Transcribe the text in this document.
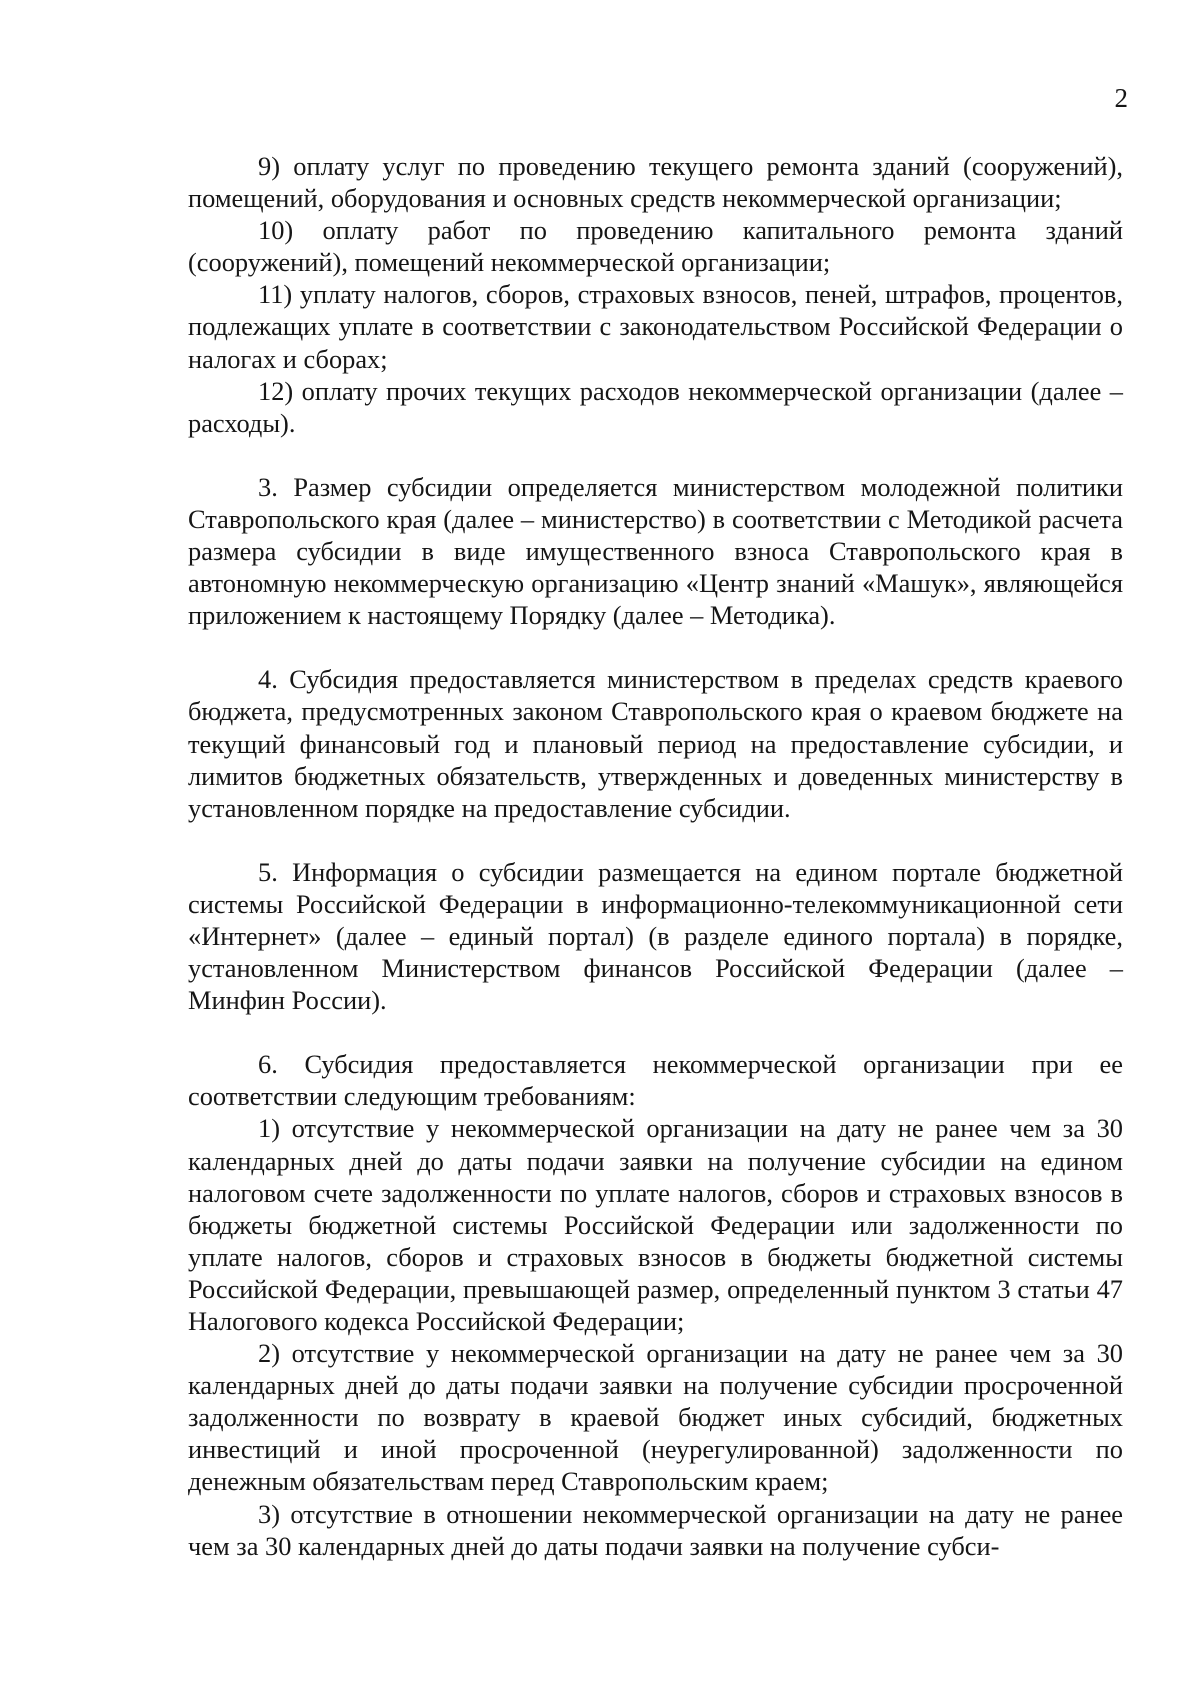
2

9) оплату услуг по проведению текущего ремонта зданий (сооружений), помещений, оборудования и основных средств некоммерческой организации;

10) оплату работ по проведению капитального ремонта зданий (сооружений), помещений некоммерческой организации;

11) уплату налогов, сборов, страховых взносов, пеней, штрафов, процентов, подлежащих уплате в соответствии с законодательством Российской Федерации о налогах и сборах;

12) оплату прочих текущих расходов некоммерческой организации (далее – расходы).

3. Размер субсидии определяется министерством молодежной политики Ставропольского края (далее – министерство) в соответствии с Методикой расчета размера субсидии в виде имущественного взноса Ставропольского края в автономную некоммерческую организацию «Центр знаний «Машук», являющейся приложением к настоящему Порядку (далее – Методика).

4. Субсидия предоставляется министерством в пределах средств краевого бюджета, предусмотренных законом Ставропольского края о краевом бюджете на текущий финансовый год и плановый период на предоставление субсидии, и лимитов бюджетных обязательств, утвержденных и доведенных министерству в установленном порядке на предоставление субсидии.

5. Информация о субсидии размещается на едином портале бюджетной системы Российской Федерации в информационно-телекоммуникационной сети «Интернет» (далее – единый портал) (в разделе единого портала) в порядке, установленном Министерством финансов Российской Федерации (далее – Минфин России).

6. Субсидия предоставляется некоммерческой организации при ее соответствии следующим требованиям:

1) отсутствие у некоммерческой организации на дату не ранее чем за 30 календарных дней до даты подачи заявки на получение субсидии на едином налоговом счете задолженности по уплате налогов, сборов и страховых взносов в бюджеты бюджетной системы Российской Федерации или задолженности по уплате налогов, сборов и страховых взносов в бюджеты бюджетной системы Российской Федерации, превышающей размер, определенный пунктом 3 статьи 47 Налогового кодекса Российской Федерации;

2) отсутствие у некоммерческой организации на дату не ранее чем за 30 календарных дней до даты подачи заявки на получение субсидии просроченной задолженности по возврату в краевой бюджет иных субсидий, бюджетных инвестиций и иной просроченной (неурегулированной) задолженности по денежным обязательствам перед Ставропольским краем;

3) отсутствие в отношении некоммерческой организации на дату не ранее чем за 30 календарных дней до даты подачи заявки на получение субси-
